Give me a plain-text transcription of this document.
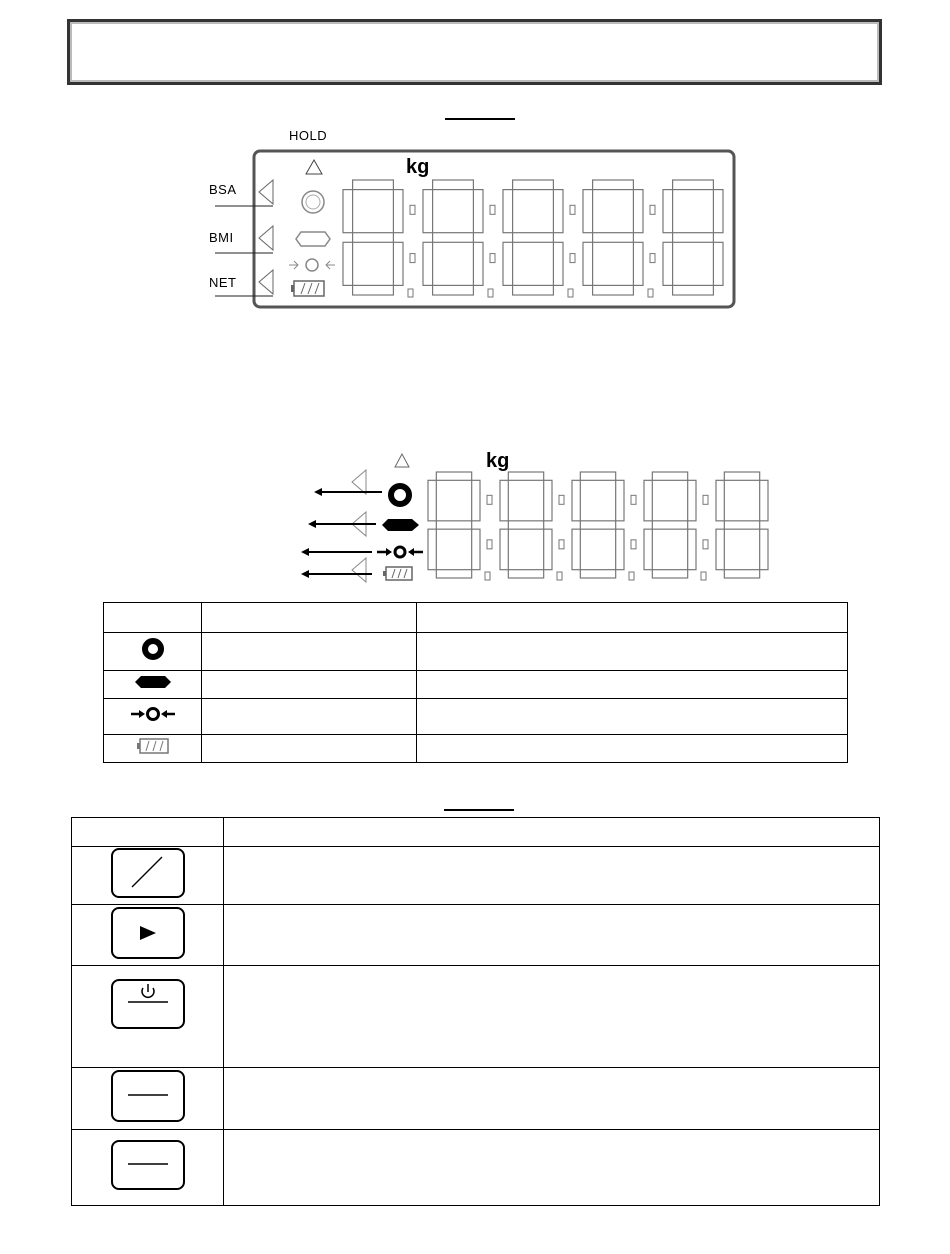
HOLD
BSA
BMI
NET
kg
kg
